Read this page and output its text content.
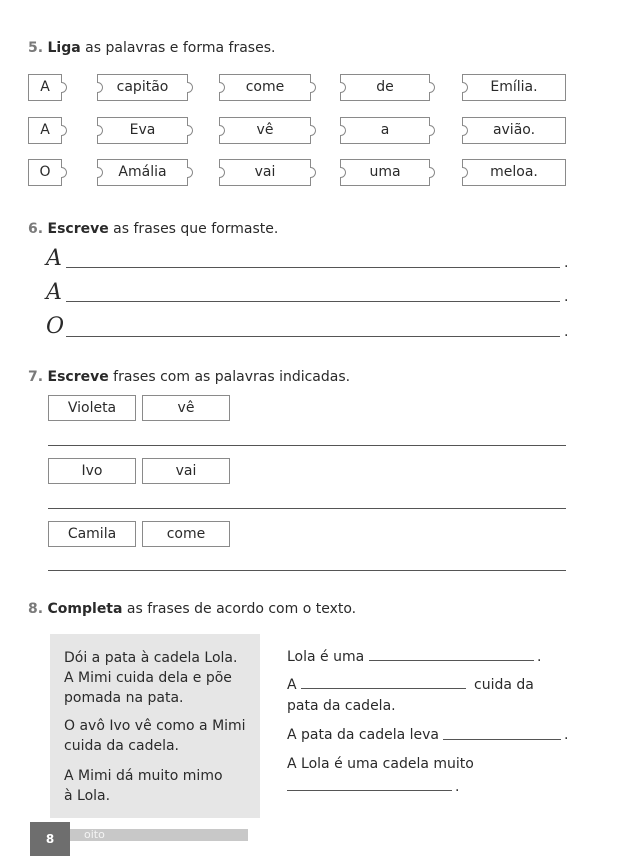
5. Liga as palavras e forma frases.
A	capitão	come	de	Emília.
A	Eva	vê	a	avião.
O	Amália	vai	uma	meloa.
6. Escreve as frases que formaste.
A	.
A	.
O	.
7. Escreve frases com as palavras indicadas.
Violeta	vê
Ivo	vai
Camila	come
8. Completa as frases de acordo com o texto.
Dói a pata à cadela Lola.
A Mimi cuida dela e põe
pomada na pata.
O avô Ivo vê como a Mimi
cuida da cadela.
A Mimi dá muito mimo
à Lola.
Lola é uma	.
A	cuida da
pata da cadela.
A pata da cadela leva	.
A Lola é uma cadela muito
.
8	oito
